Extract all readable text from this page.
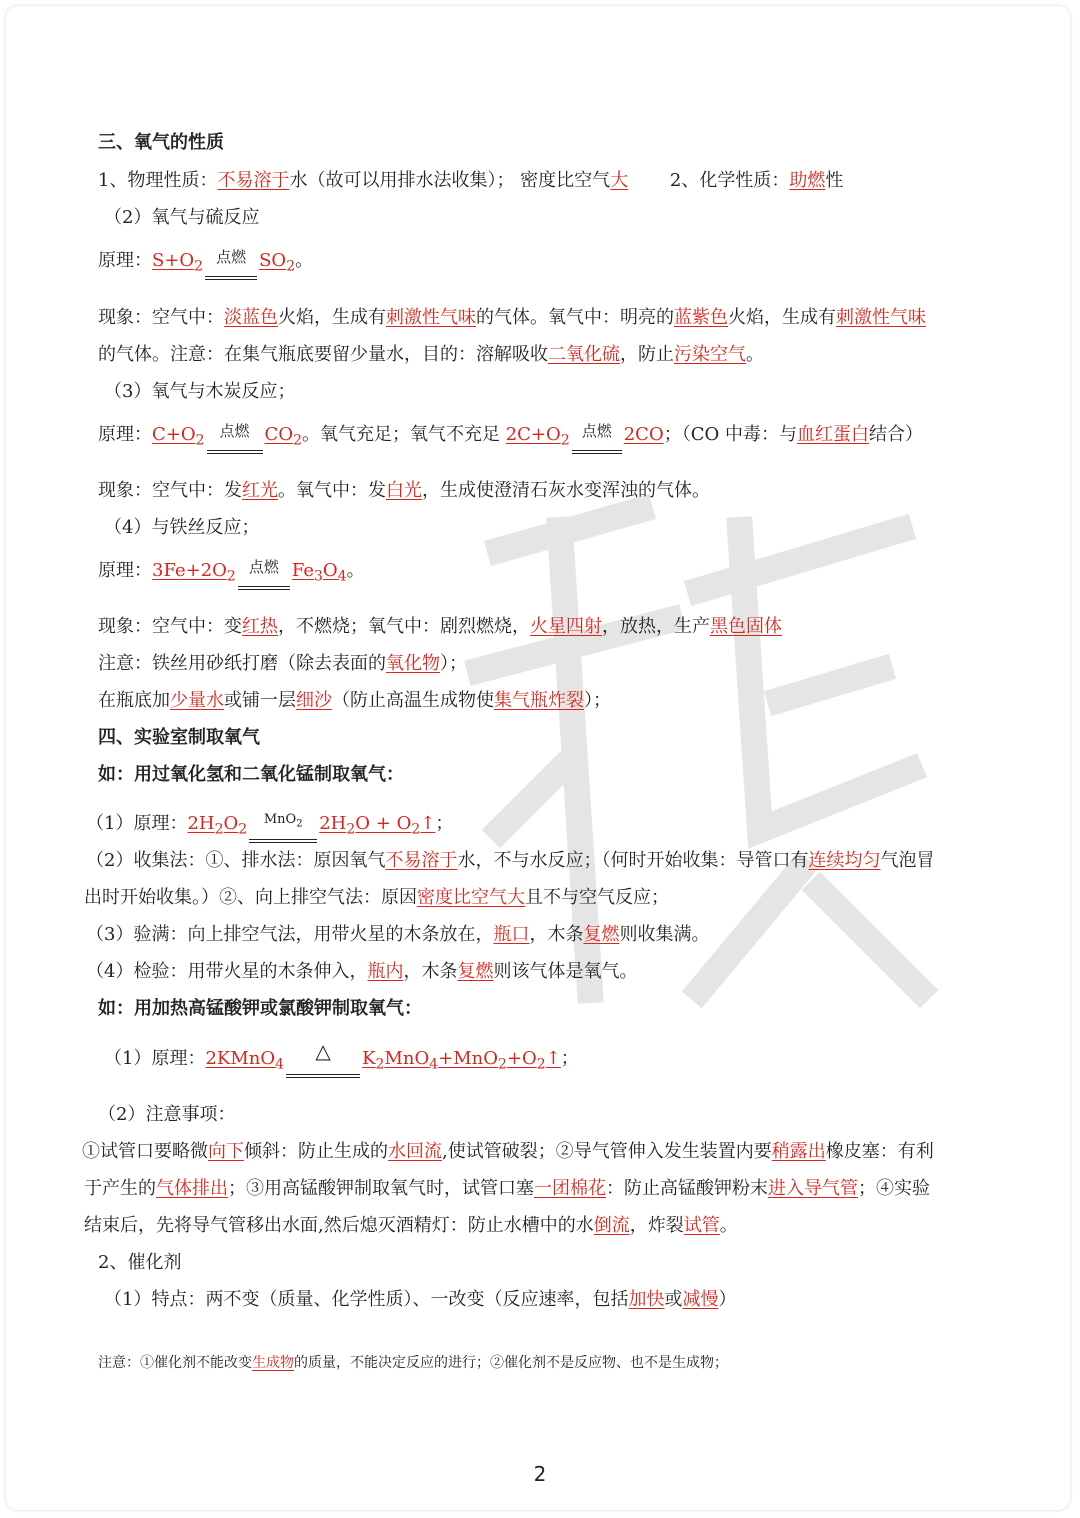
三、氧气的性质
1、物理性质：不易溶于水（故可以用排水法收集）； 密度比空气大 2、化学性质：助燃性
（2）氧气与硫反应
原理：$S+O_2$
点燃 $SO_2$。
现象：空气中：淡蓝色火焰，生成有刺激性气味的气体。氧气中：明亮的蓝紫色火焰，生成有刺激性气味
的气体。注意：在集气瓶底要留少量水，目的：溶解吸收二氧化硫，防止污染空气。
（3）氧气与木炭反应；
原理：$C+O_2$
点燃 $CO_2$。氧气充足；氧气不充足 $2C+O_2$
点燃 2CO；（CO 中毒：与血红蛋白结合）
现象：空气中：发红光。氧气中：发白光，生成使澄清石灰水变浑浊的气体。
（4）与铁丝反应；
原理：$3Fe+2O_2$
点燃 $Fe_3O_4$。
现象：空气中：变红热，不燃烧；氧气中：剧烈燃烧，火星四射，放热，生产黑色固体
注意：铁丝用砂纸打磨（除去表面的氧化物）；
在瓶底加少量水或铺一层细沙（防止高温生成物使集气瓶炸裂）；
四、实验室制取氧气
如：用过氧化氢和二氧化锰制取氧气：
（1）原理：$2H_2O_2$
MnO$_2$ $2H_2O$ + $O_2↑$；
（2）收集法：①、排水法：原因氧气不易溶于水，不与水反应；（何时开始收集：导管口有连续均匀气泡冒
出时开始收集。）②、向上排空气法：原因密度比空气大且不与空气反应；
（3）验满：向上排空气法，用带火星的木条放在，瓶口，木条复燃则收集满。
（4）检验：用带火星的木条伸入，瓶内，木条复燃则该气体是氧气。
如：用加热高锰酸钾或氯酸钾制取氧气：
（1）原理：2KMnO$_4$
△	$K_2MnO_4+MnO_2+O_2↑$；
（2）注意事项：
①试管口要略微向下倾斜：防止生成的水回流,使试管破裂；②导气管伸入发生装置内要稍露出橡皮塞：有利
于产生的气体排出；③用高锰酸钾制取氧气时，试管口塞一团棉花：防止高锰酸钾粉末进入导气管；④实验
结束后，先将导气管移出水面,然后熄灭酒精灯：防止水槽中的水倒流，炸裂试管。
2、催化剂
（1）特点：两不变（质量、化学性质）、一改变（反应速率，包括加快或减慢）
注意：①催化剂不能改变生成物的质量，不能决定反应的进行；②催化剂不是反应物、也不是生成物；
2
